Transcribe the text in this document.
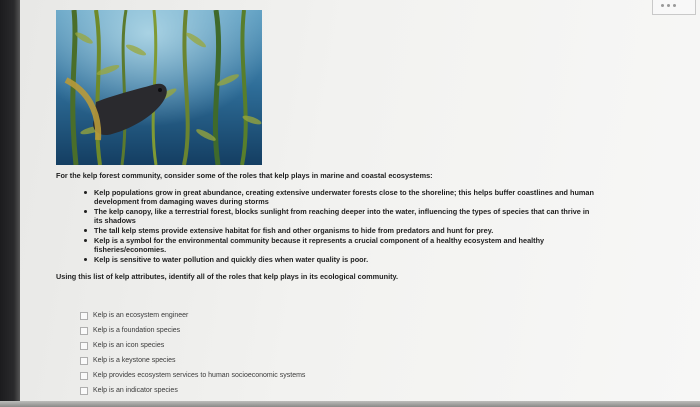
For the kelp forest community, consider some of the roles that kelp plays in marine and coastal ecosystems:

Kelp populations grow in great abundance, creating extensive underwater forests close to the shoreline; this helps buffer coastlines and human development from damaging waves during storms
The kelp canopy, like a terrestrial forest, blocks sunlight from reaching deeper into the water, influencing the types of species that can thrive in its shadows
The tall kelp stems provide extensive habitat for fish and other organisms to hide from predators and hunt for prey.
Kelp is a symbol for the environmental community because it represents a crucial component of a healthy ecosystem and healthy fisheries/economies.
Kelp is sensitive to water pollution and quickly dies when water quality is poor.

Using this list of kelp attributes, identify all of the roles that kelp plays in its ecological community.

Kelp is an ecosystem engineer
Kelp is a foundation species
Kelp is an icon species
Kelp is a keystone species
Kelp provides ecosystem services to human socioeconomic systems
Kelp is an indicator species
